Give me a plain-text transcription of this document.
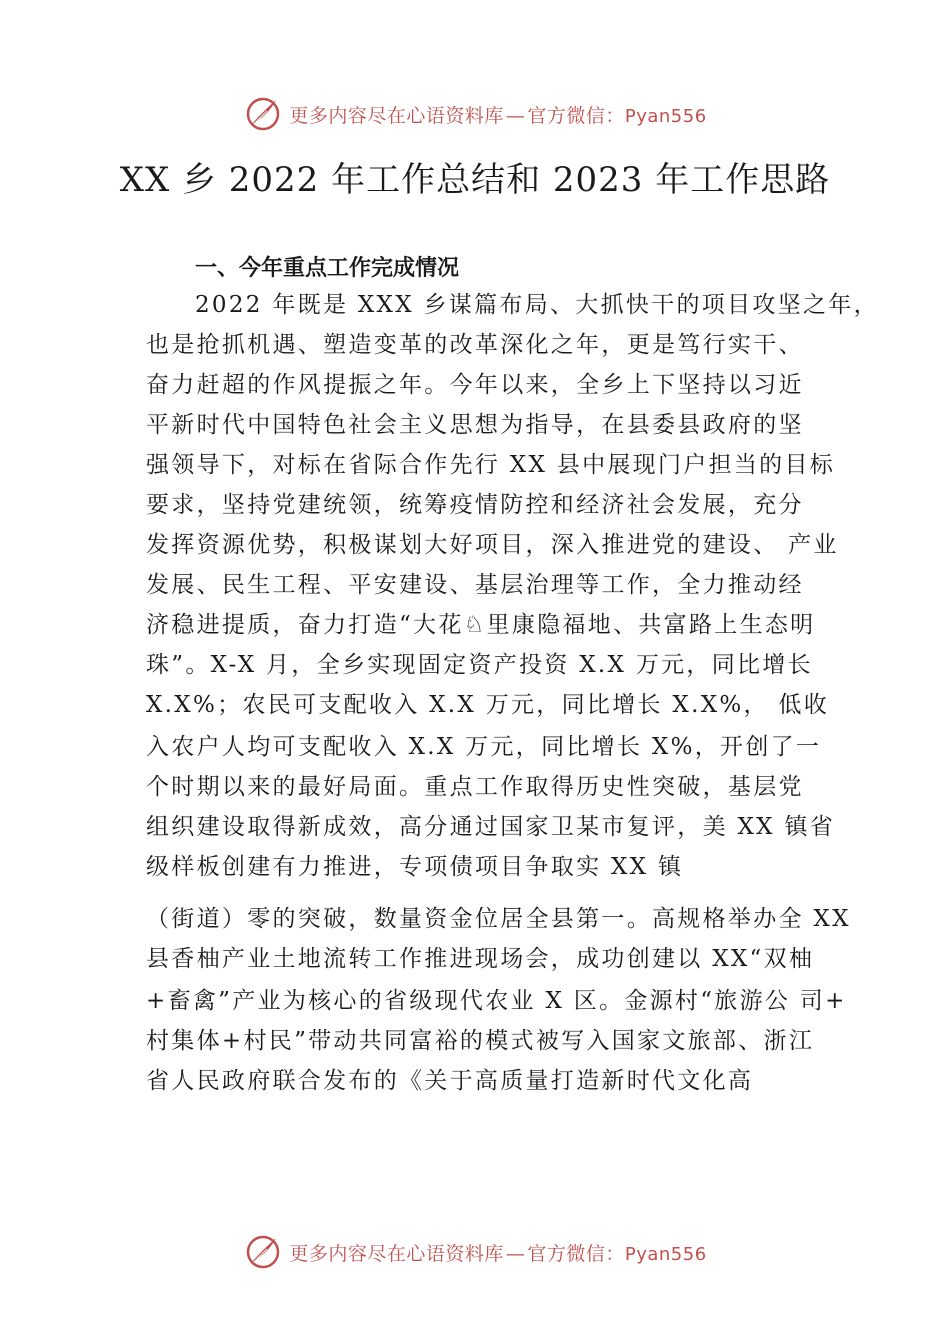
更多内容尽在心语资料库 — 官方微信：Pyan556
XX 乡 2022 年工作总结和 2023 年工作思路
一、今年重点工作完成情况
2022 年既是 XXX 乡谋篇布局、大抓快干的项目攻坚之年，
也是抢抓机遇、塑造变革的改革深化之年，更是笃行实干、
奋力赶超的作风提振之年。今年以来，全乡上下坚持以习近
平新时代中国特色社会主义思想为指导，在县委县政府的坚
强领导下，对标在省际合作先行 XX 县中展现门户担当的目标
要求，坚持党建统领，统筹疫情防控和经济社会发展，充分
发挥资源优势，积极谋划大好项目，深入推进党的建设、 产业
发展、民生工程、平安建设、基层治理等工作，全力推动经
济稳进提质，奋力打造“大花♘里康隐福地、共富路上生态明
珠”。X-X 月，全乡实现固定资产投资 X.X 万元，同比增长
X.X%；农民可支配收入 X.X 万元，同比增长 X.X%， 低收
入农户人均可支配收入 X.X 万元，同比增长 X%，开创了一
个时期以来的最好局面。重点工作取得历史性突破，基层党
组织建设取得新成效，高分通过国家卫某市复评，美 XX 镇省
级样板创建有力推进，专项债项目争取实 XX 镇
（街道）零的突破，数量资金位居全县第一。高规格举办全 XX
县香柚产业土地流转工作推进现场会，成功创建以 XX“双柚
+畜禽”产业为核心的省级现代农业 X 区。金源村“旅游公 司+
村集体+村民”带动共同富裕的模式被写入国家文旅部、浙江
省人民政府联合发布的《关于高质量打造新时代文化高
更多内容尽在心语资料库 — 官方微信：Pyan556
